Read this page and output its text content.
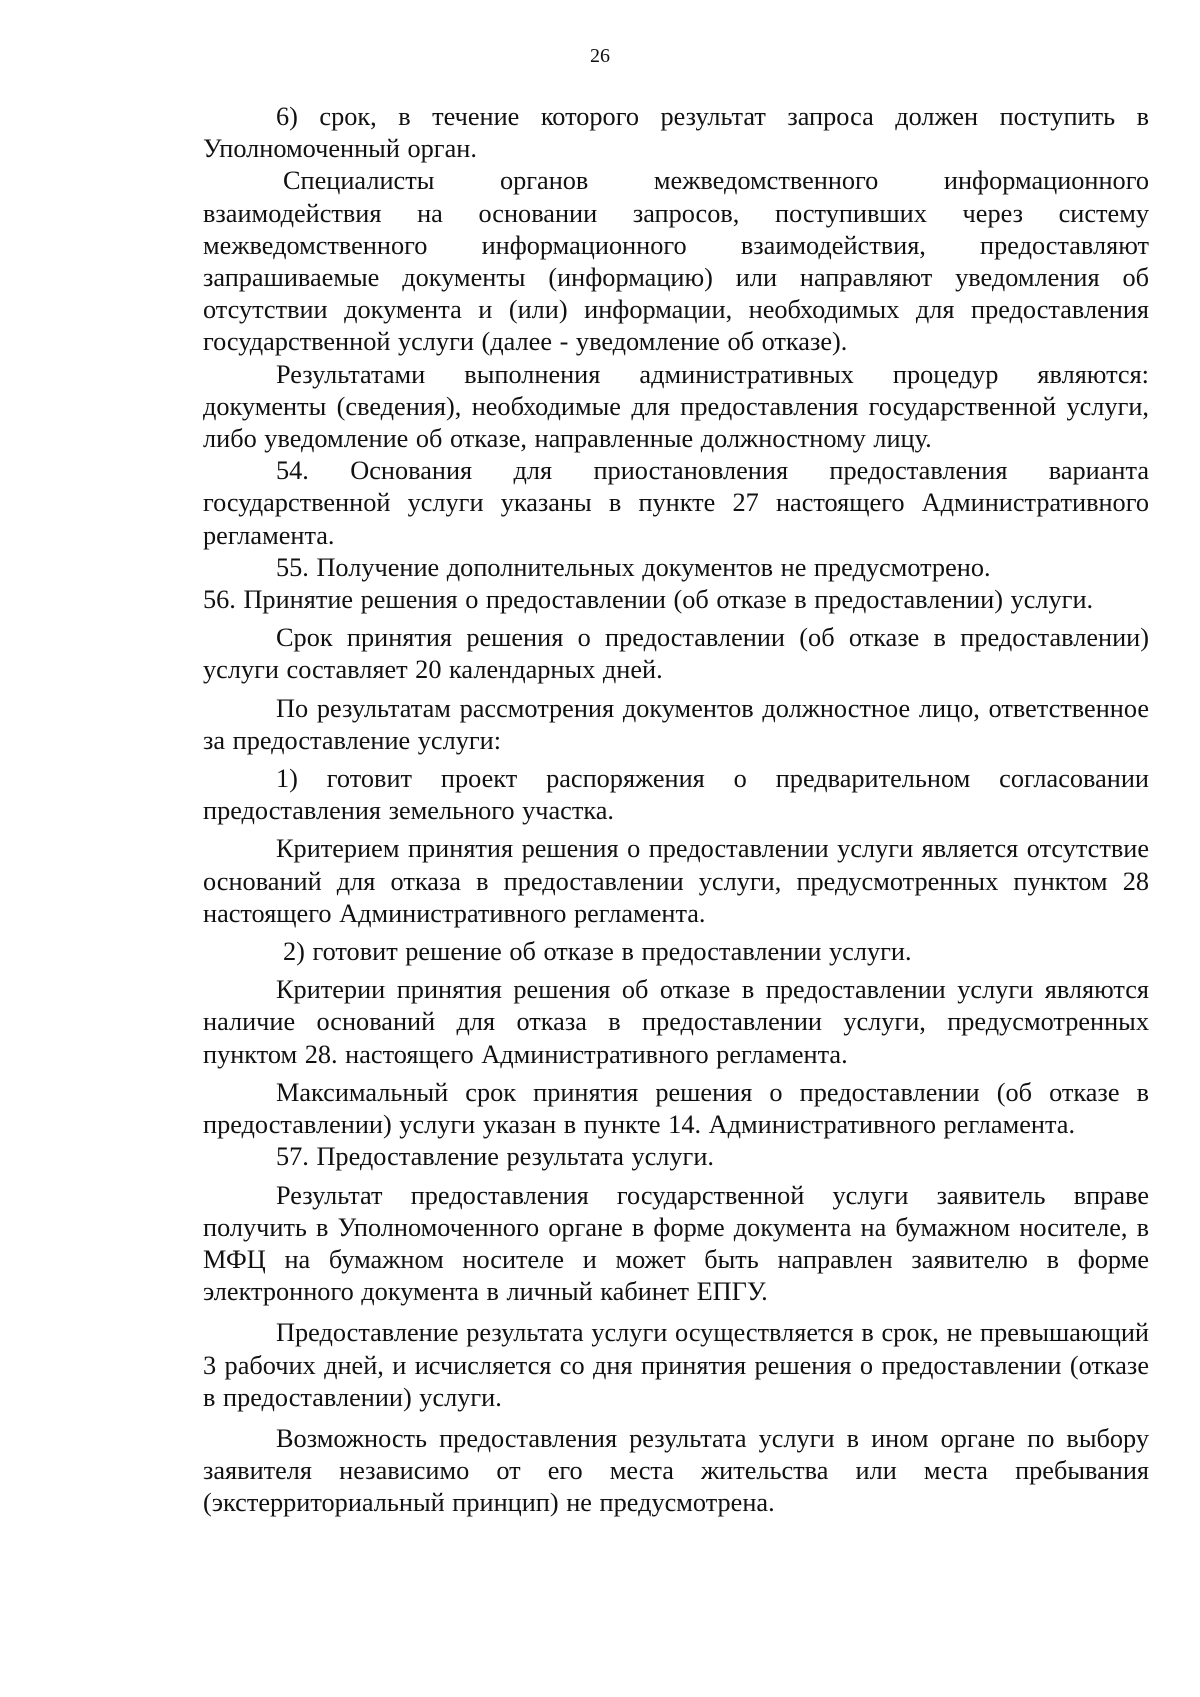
26

6) срок, в течение которого результат запроса должен поступить в Уполномоченный орган.

Специалисты органов межведомственного информационного взаимодействия на основании запросов, поступивших через систему межведомственного информационного взаимодействия, предоставляют запрашиваемые документы (информацию) или направляют уведомления об отсутствии документа и (или) информации, необходимых для предоставления государственной услуги (далее - уведомление об отказе).

Результатами выполнения административных процедур являются: документы (сведения), необходимые для предоставления государственной услуги, либо уведомление об отказе, направленные должностному лицу.

54. Основания для приостановления предоставления варианта государственной услуги указаны в пункте 27 настоящего Административного регламента.

55. Получение дополнительных документов не предусмотрено.

56. Принятие решения о предоставлении (об отказе в предоставлении) услуги.

Срок принятия решения о предоставлении (об отказе в предоставлении) услуги составляет 20 календарных дней.

По результатам рассмотрения документов должностное лицо, ответственное за предоставление услуги:

1) готовит проект распоряжения о предварительном согласовании предоставления земельного участка.

Критерием принятия решения о предоставлении услуги является отсутствие оснований для отказа в предоставлении услуги, предусмотренных пунктом 28 настоящего Административного регламента.

2) готовит решение об отказе в предоставлении услуги.

Критерии принятия решения об отказе в предоставлении услуги являются наличие оснований для отказа в предоставлении услуги, предусмотренных пунктом 28. настоящего Административного регламента.

Максимальный срок принятия решения о предоставлении (об отказе в предоставлении) услуги указан в пункте 14. Административного регламента.

57. Предоставление результата услуги.

Результат предоставления государственной услуги заявитель вправе получить в Уполномоченного органе в форме документа на бумажном носителе, в МФЦ на бумажном носителе и может быть направлен заявителю в форме электронного документа в личный кабинет ЕПГУ.

Предоставление результата услуги осуществляется в срок, не превышающий 3 рабочих дней, и исчисляется со дня принятия решения о предоставлении (отказе в предоставлении) услуги.

Возможность предоставления результата услуги в ином органе по выбору заявителя независимо от его места жительства или места пребывания (экстерриториальный принцип) не предусмотрена.
